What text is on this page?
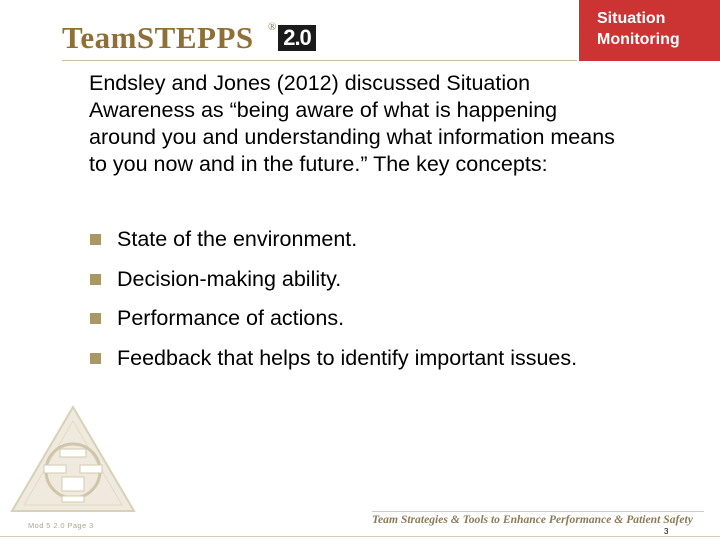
TeamSTEPPS ® 2.0
Situation
Monitoring

Endsley and Jones (2012) discussed Situation Awareness as “being aware of what is happening around you and understanding what information means to you now and in the future.” The key concepts:

State of the environment.
Decision-making ability.
Performance of actions.
Feedback that helps to identify important issues.
Mod 5 2.0 Page 3	Team Strategies & Tools to Enhance Performance & Patient Safety
3
